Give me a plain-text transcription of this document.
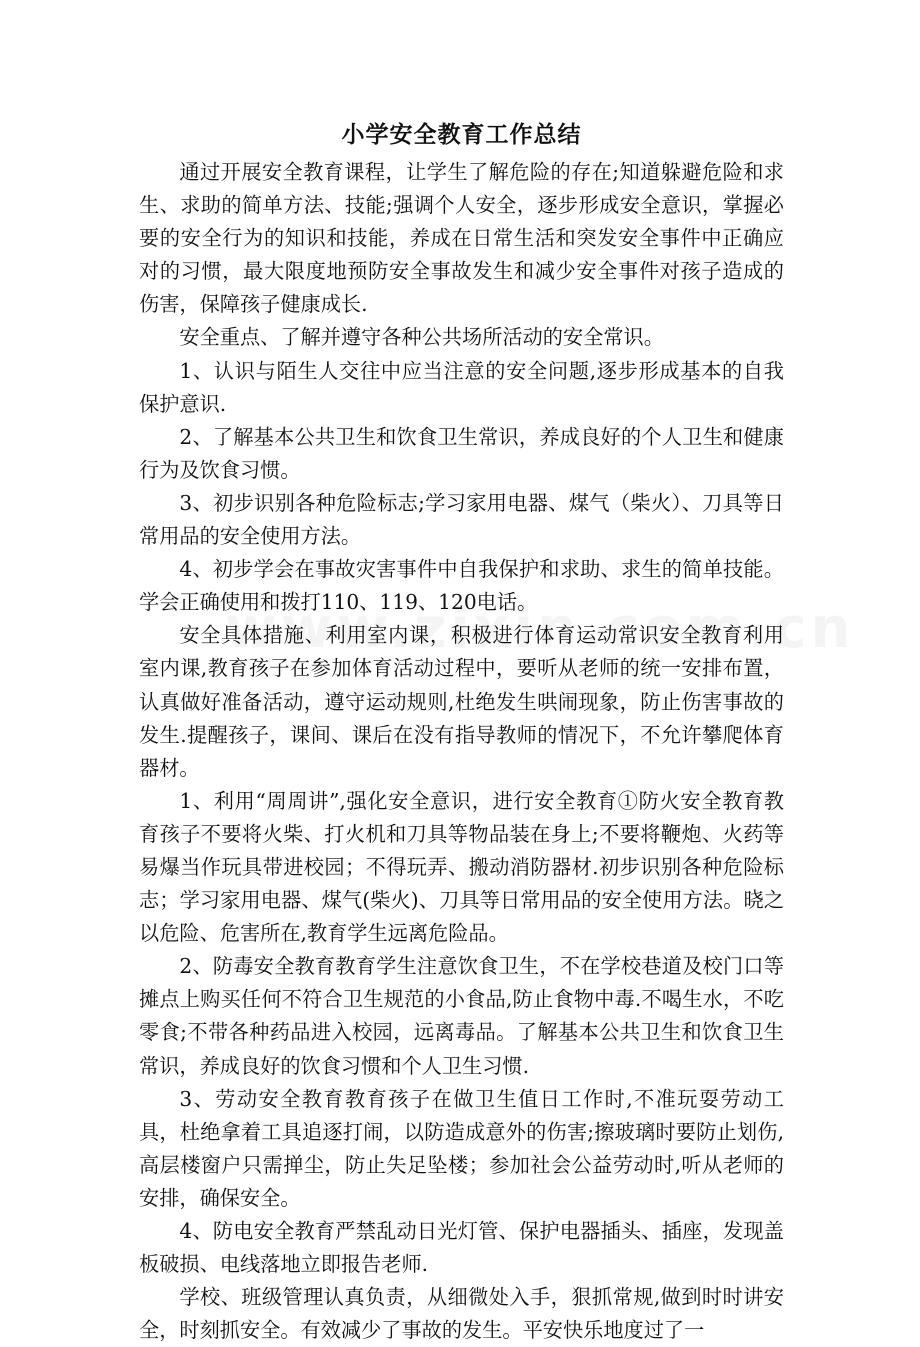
小学安全教育工作总结

通过开展安全教育课程，让学生了解危险的存在;知道躲避危险和求生、求助的简单方法、技能;强调个人安全，逐步形成安全意识，掌握必要的安全行为的知识和技能，养成在日常生活和突发安全事件中正确应对的习惯，最大限度地预防安全事故发生和减少安全事件对孩子造成的伤害，保障孩子健康成长.

安全重点、了解并遵守各种公共场所活动的安全常识。

1、认识与陌生人交往中应当注意的安全问题,逐步形成基本的自我保护意识.

2、了解基本公共卫生和饮食卫生常识，养成良好的个人卫生和健康行为及饮食习惯。

3、初步识别各种危险标志;学习家用电器、煤气（柴火）、刀具等日常用品的安全使用方法。

4、初步学会在事故灾害事件中自我保护和求助、求生的简单技能。学会正确使用和拨打110、119、120电话。

安全具体措施、利用室内课，积极进行体育运动常识安全教育利用室内课,教育孩子在参加体育活动过程中，要听从老师的统一安排布置，认真做好准备活动，遵守运动规则,杜绝发生哄闹现象，防止伤害事故的发生.提醒孩子，课间、课后在没有指导教师的情况下，不允许攀爬体育器材。

1、利用“周周讲”,强化安全意识，进行安全教育①防火安全教育教育孩子不要将火柴、打火机和刀具等物品装在身上;不要将鞭炮、火药等易爆当作玩具带进校园；不得玩弄、搬动消防器材.初步识别各种危险标志；学习家用电器、煤气(柴火)、刀具等日常用品的安全使用方法。晓之以危险、危害所在,教育学生远离危险品。

2、防毒安全教育教育学生注意饮食卫生，不在学校巷道及校门口等摊点上购买任何不符合卫生规范的小食品,防止食物中毒.不喝生水，不吃零食;不带各种药品进入校园，远离毒品。了解基本公共卫生和饮食卫生常识，养成良好的饮食习惯和个人卫生习惯.

3、劳动安全教育教育孩子在做卫生值日工作时,不准玩耍劳动工具，杜绝拿着工具追逐打闹，以防造成意外的伤害;擦玻璃时要防止划伤,高层楼窗户只需掸尘，防止失足坠楼；参加社会公益劳动时,听从老师的安排，确保安全。

4、防电安全教育严禁乱动日光灯管、保护电器插头、插座，发现盖板破损、电线落地立即报告老师.

学校、班级管理认真负责，从细微处入手，狠抓常规,做到时时讲安全，时刻抓安全。有效减少了事故的发生。平安快乐地度过了一
